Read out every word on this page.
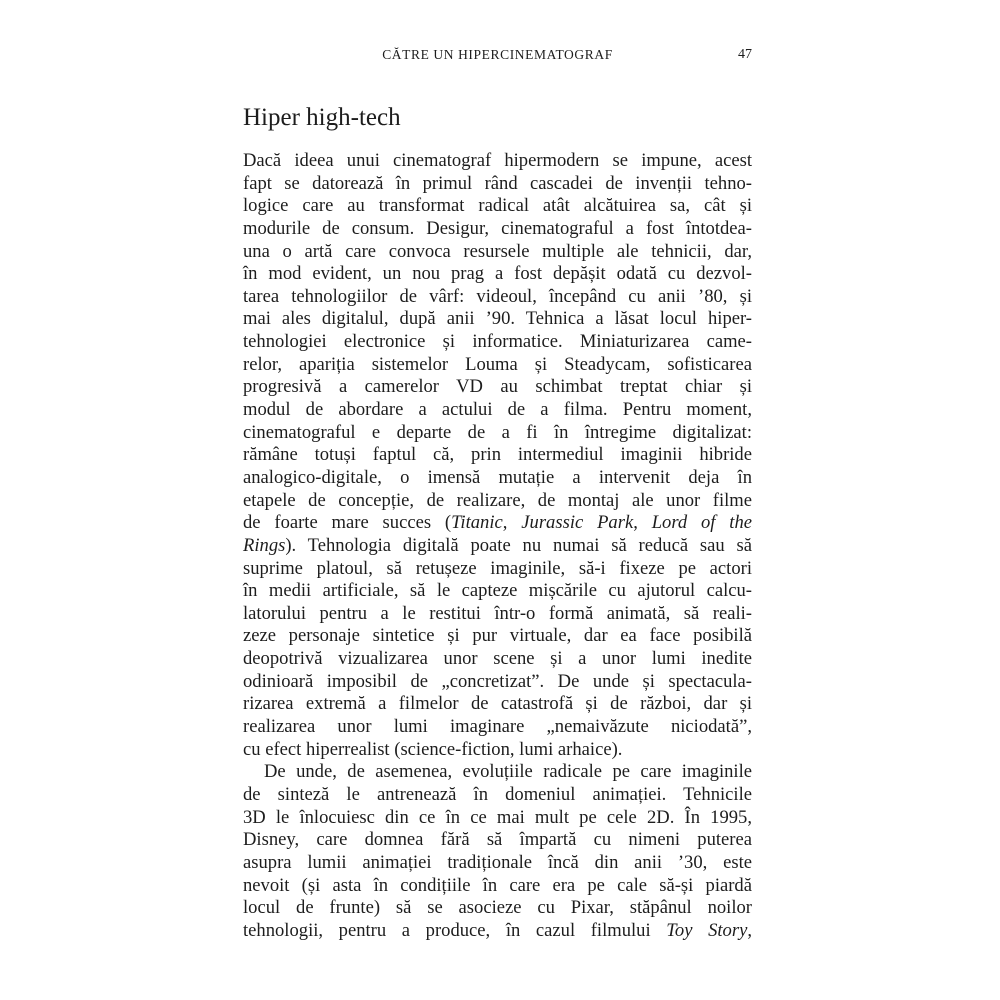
CĂTRE UN HIPERCINEMATOGRAF	47
Hiper high-tech
Dacă ideea unui cinematograf hipermodern se impune, acest
fapt se datorează în primul rând cascadei de invenții tehno-
logice care au transformat radical atât alcătuirea sa, cât și
modurile de consum. Desigur, cinematograful a fost întotdea-
una o artă care convoca resursele multiple ale tehnicii, dar,
în mod evident, un nou prag a fost depășit odată cu dezvol-
tarea tehnologiilor de vârf: videoul, începând cu anii ’80, și
mai ales digitalul, după anii ’90. Tehnica a lăsat locul hiper-
tehnologiei electronice și informatice. Miniaturizarea came-
relor, apariția sistemelor Louma și Steadycam, sofisticarea
progresivă a camerelor VD au schimbat treptat chiar și
modul de abordare a actului de a filma. Pentru moment,
cinematograful e departe de a fi în întregime digitalizat:
rămâne totuși faptul că, prin intermediul imaginii hibride
analogico-digitale, o imensă mutație a intervenit deja în
etapele de concepție, de realizare, de montaj ale unor filme
de foarte mare succes (Titanic, Jurassic Park, Lord of the
Rings). Tehnologia digitală poate nu numai să reducă sau să
suprime platoul, să retușeze imaginile, să-i fixeze pe actori
în medii artificiale, să le capteze mișcările cu ajutorul calcu-
latorului pentru a le restitui într-o formă animată, să reali-
zeze personaje sintetice și pur virtuale, dar ea face posibilă
deopotrivă vizualizarea unor scene și a unor lumi inedite
odinioară imposibil de „concretizat”. De unde și spectacula-
rizarea extremă a filmelor de catastrofă și de război, dar și
realizarea unor lumi imaginare „nemaivăzute niciodată”,
cu efect hiperrealist (science-fiction, lumi arhaice).
De unde, de asemenea, evoluțiile radicale pe care imaginile
de sinteză le antrenează în domeniul animației. Tehnicile
3D le înlocuiesc din ce în ce mai mult pe cele 2D. În 1995,
Disney, care domnea fără să împartă cu nimeni puterea
asupra lumii animației tradiționale încă din anii ’30, este
nevoit (și asta în condițiile în care era pe cale să-și piardă
locul de frunte) să se asocieze cu Pixar, stăpânul noilor
tehnologii, pentru a produce, în cazul filmului Toy Story,
